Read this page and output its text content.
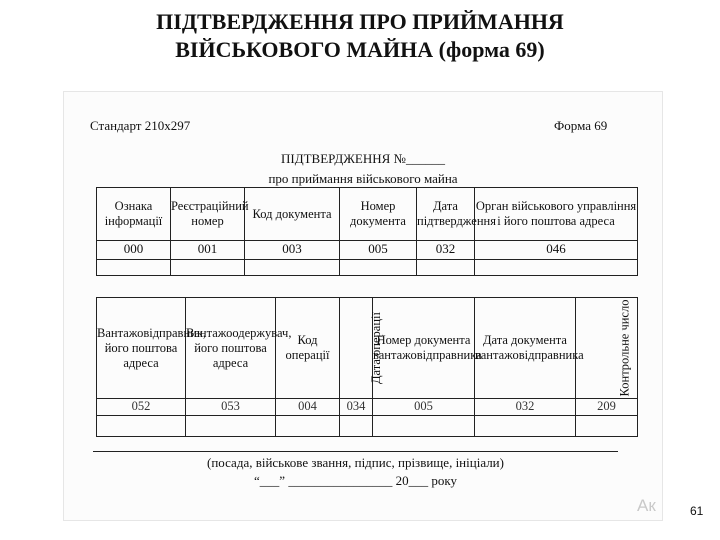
ПІДТВЕРДЖЕННЯ ПРО ПРИЙМАННЯ
ВІЙСЬКОВОГО МАЙНА (форма 69)
Стандарт 210х297	Форма 69
ПІДТВЕРДЖЕННЯ №______
про приймання військового майна
Ознака інформації	Реєстраційний номер	Код документа	Номер документа	Дата підтвердження	Орган військового управління і його поштова адреса
000	001	003	005	032	046

Вантажовідправник, його поштова адреса	Вантажоодержувач, його поштова адреса	Код операції	Дата операції	Номер документа вантажовідправника	Дата документа вантажовідправника	Контрольне число
052	053	004	034	005	032	209

(посада, військове звання, підпис, прізвище, ініціали)
“___” ________________ 20___ року
Ак	61
